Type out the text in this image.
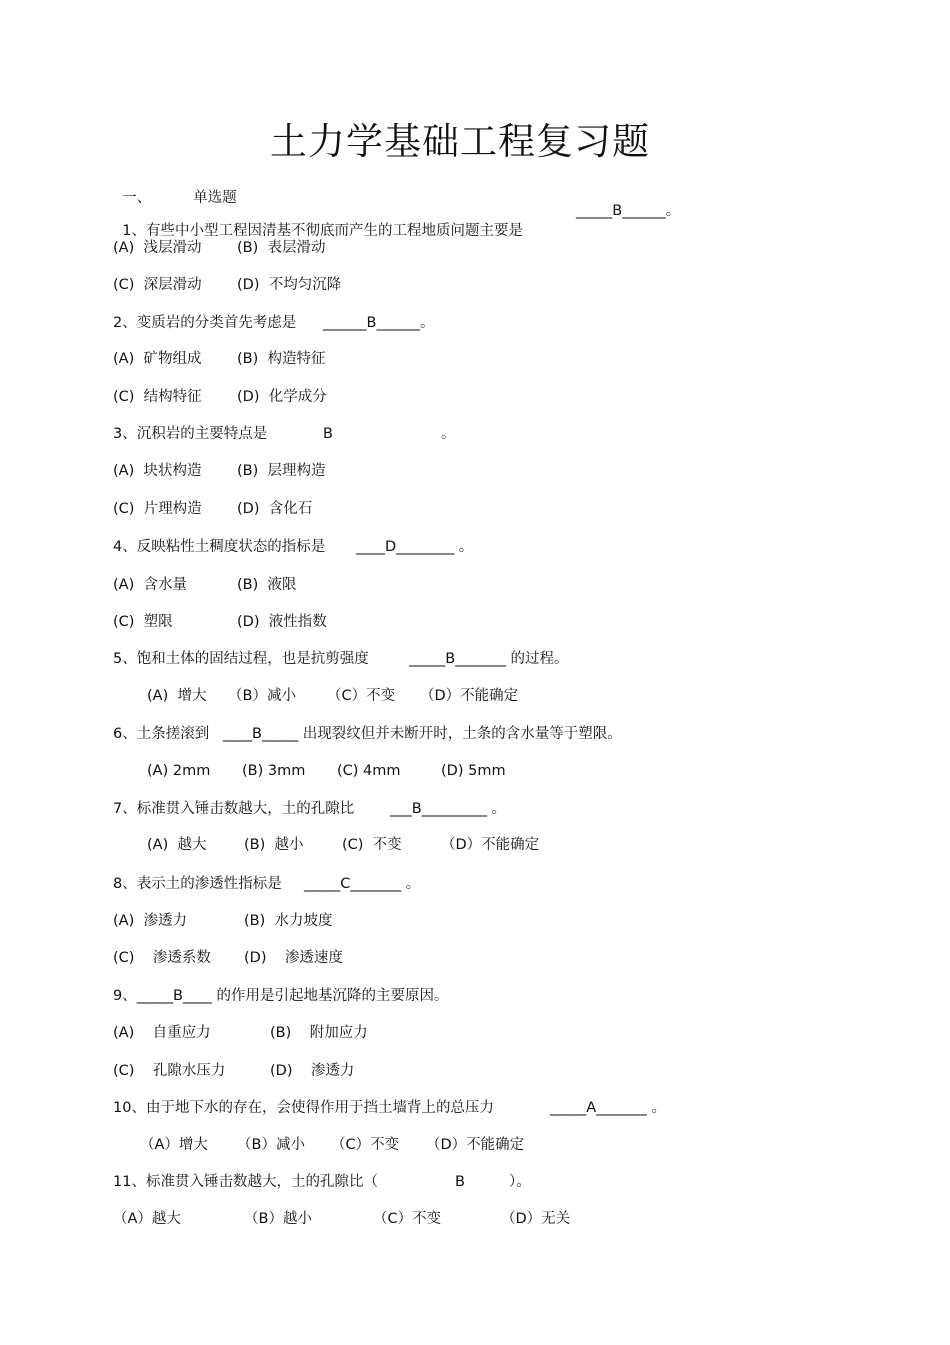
土力学基础工程复习题

一、	单选题

1、有些中小型工程因清基不彻底而产生的工程地质问题主要是

_____B______。
(A)  浅层滑动 (B)  表层滑动
(C)  深层滑动 (D)  不均匀沉降
2、变质岩的分类首先考虑是 ______B______。
(A)  矿物组成 (B)  构造特征
(C)  结构特征 (D)  化学成分
3、沉积岩的主要特点是	B	。
(A)  块状构造 (B)  层理构造
(C)  片理构造 (D)  含化石
4、反映粘性土稠度状态的指标是 ____D________ 。
(A)  含水量	(B)  液限
(C)  塑限	(D)  液性指数
5、饱和土体的固结过程，也是抗剪强度	_____B_______ 的过程。
(A)  增大 （B）减小 （C）不变 （D）不能确定
6、土条搓滚到 ____B_____ 出现裂纹但并未断开时，土条的含水量等于塑限。
(A) 2mm (B) 3mm (C) 4mm	(D) 5mm
7、标准贯入锤击数越大，土的孔隙比 ___B_________ 。
(A)  越大	(B)  越小	(C)  不变	（D）不能确定
8、表示土的渗透性指标是 _____C_______ 。
(A)  渗透力	(B)  水力坡度
(C)    渗透系数 (D)    渗透速度
9、_____B____ 的作用是引起地基沉降的主要原因。
(A)    自重应力	(B)    附加应力
(C)    孔隙水压力	(D)    渗透力
10、由于地下水的存在，会使得作用于挡土墙背上的总压力	_____A_______ 。
（A）增大 （B）减小 （C）不变 （D）不能确定
11、标准贯入锤击数越大，土的孔隙比（	B	）。
（A）越大	（B）越小	（C）不变	（D）无关
